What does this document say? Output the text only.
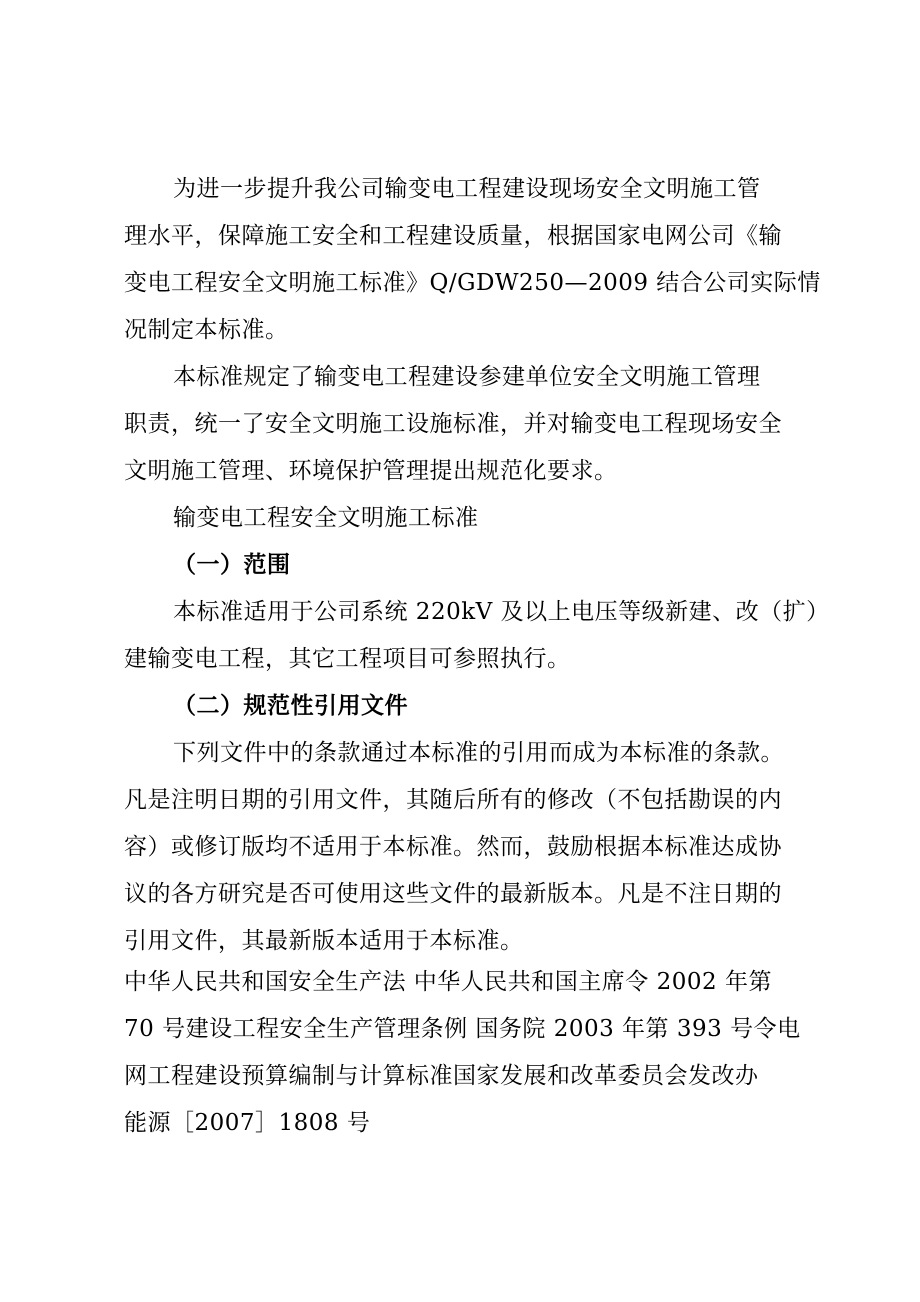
为进一步提升我公司输变电工程建设现场安全文明施工管
理水平，保障施工安全和工程建设质量，根据国家电网公司《输
变电工程安全文明施工标准》Q/GDW250—2009 结合公司实际情
况制定本标准。
本标准规定了输变电工程建设参建单位安全文明施工管理
职责，统一了安全文明施工设施标准，并对输变电工程现场安全
文明施工管理、环境保护管理提出规范化要求。
输变电工程安全文明施工标准
（一）范围
本标准适用于公司系统 220kV 及以上电压等级新建、改（扩）
建输变电工程，其它工程项目可参照执行。
（二）规范性引用文件
下列文件中的条款通过本标准的引用而成为本标准的条款。
凡是注明日期的引用文件，其随后所有的修改（不包括勘误的内
容）或修订版均不适用于本标准。然而，鼓励根据本标准达成协
议的各方研究是否可使用这些文件的最新版本。凡是不注日期的
引用文件，其最新版本适用于本标准。
中华人民共和国安全生产法 中华人民共和国主席令 2002 年第
70 号建设工程安全生产管理条例 国务院 2003 年第 393 号令电
网工程建设预算编制与计算标准国家发展和改革委员会发改办
能源［2007］1808 号
